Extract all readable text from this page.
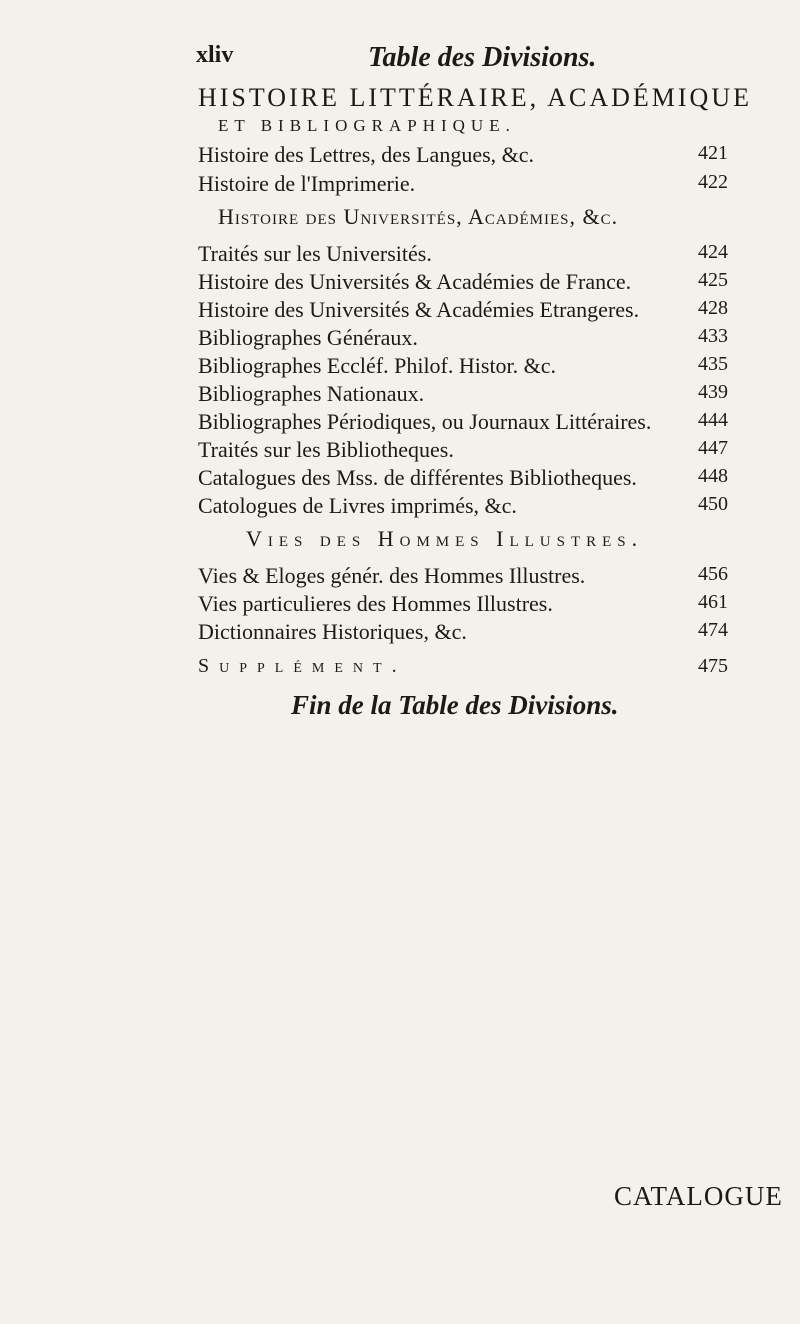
xliv	Table des Divisions.
HISTOIRE LITTÉRAIRE, ACADÉMIQUE
ET BIBLIOGRAPHIQUE.
Histoire des Lettres, des Langues, &c.	421
Histoire de l'Imprimerie.	422
Histoire des Universités, Académies, &c.
Traités sur les Universités.	424
Histoire des Universités & Académies de France.	425
Histoire des Universités & Académies Etrangeres.	428
Bibliographes Généraux.	433
Bibliographes Eccléf. Philof. Histor. &c.	435
Bibliographes Nationaux.	439
Bibliographes Périodiques, ou Journaux Littéraires. 444
Traités sur les Bibliotheques.	447
Catalogues des Mss. de différentes Bibliotheques.	448
Catologues de Livres imprimés, &c.	450
Vies des Hommes Illustres.
Vies & Eloges génér. des Hommes Illustres.	456
Vies particulieres des Hommes Illustres.	461
Dictionnaires Historiques, &c.	474
Supplément.	475
Fin de la Table des Divisions.
CATALOGUE
